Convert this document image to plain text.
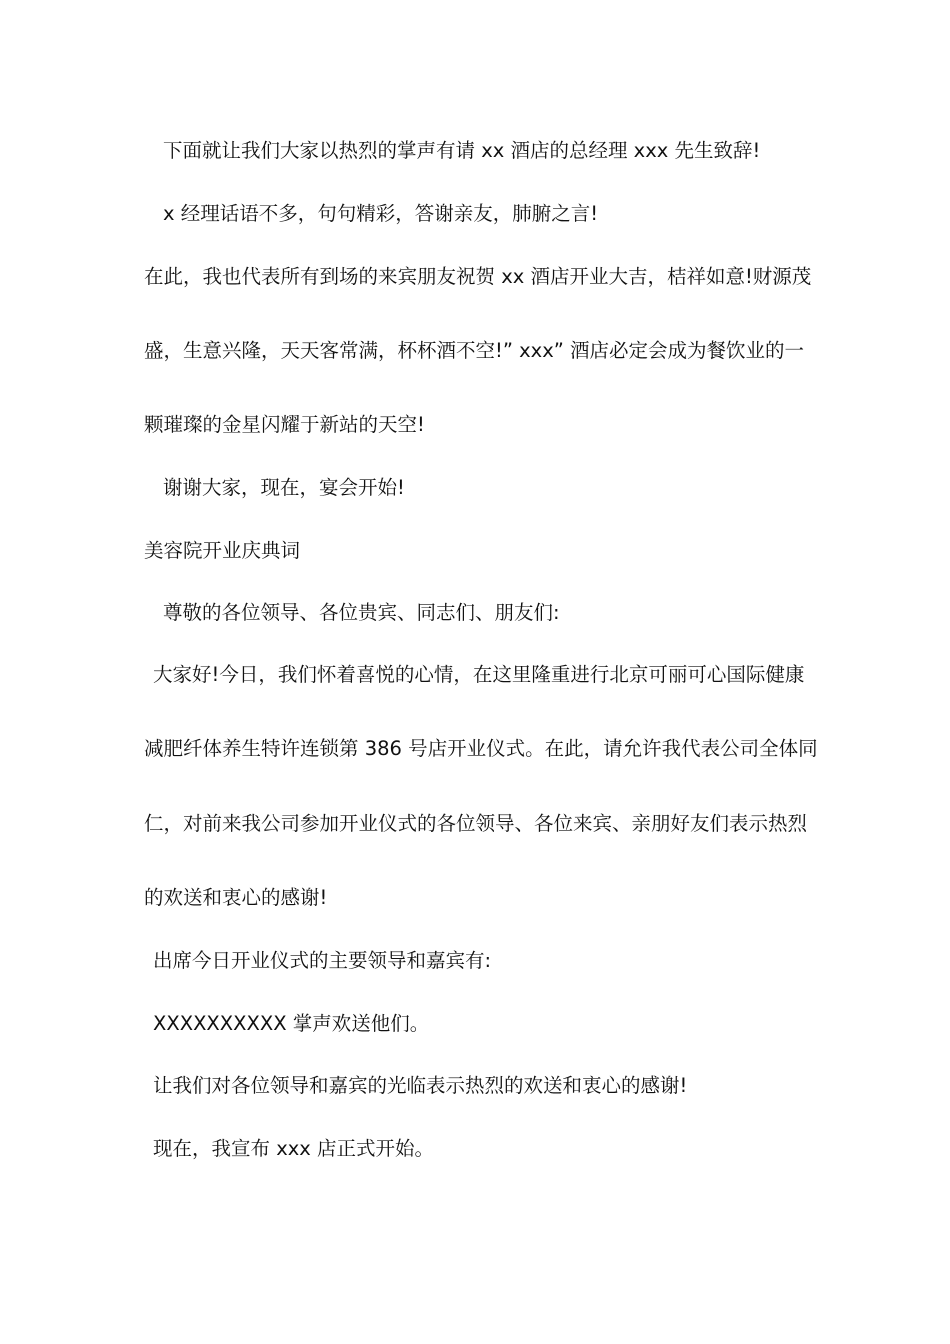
下面就让我们大家以热烈的掌声有请 xx 酒店的总经理 xxx 先生致辞!
x 经理话语不多，句句精彩，答谢亲友，肺腑之言!
在此，我也代表所有到场的来宾朋友祝贺 xx 酒店开业大吉，桔祥如意!财源茂
盛，生意兴隆，天天客常满，杯杯酒不空!” xxx” 酒店必定会成为餐饮业的一
颗璀璨的金星闪耀于新站的天空!
谢谢大家，现在，宴会开始!
美容院开业庆典词
尊敬的各位领导、各位贵宾、同志们、朋友们:
大家好!今日，我们怀着喜悦的心情，在这里隆重进行北京可丽可心国际健康
减肥纤体养生特许连锁第 386 号店开业仪式。在此，请允许我代表公司全体同
仁，对前来我公司参加开业仪式的各位领导、各位来宾、亲朋好友们表示热烈
的欢送和衷心的感谢!
出席今日开业仪式的主要领导和嘉宾有:
XXXXXXXXXX 掌声欢送他们。
让我们对各位领导和嘉宾的光临表示热烈的欢送和衷心的感谢!
现在，我宣布 xxx 店正式开始。
